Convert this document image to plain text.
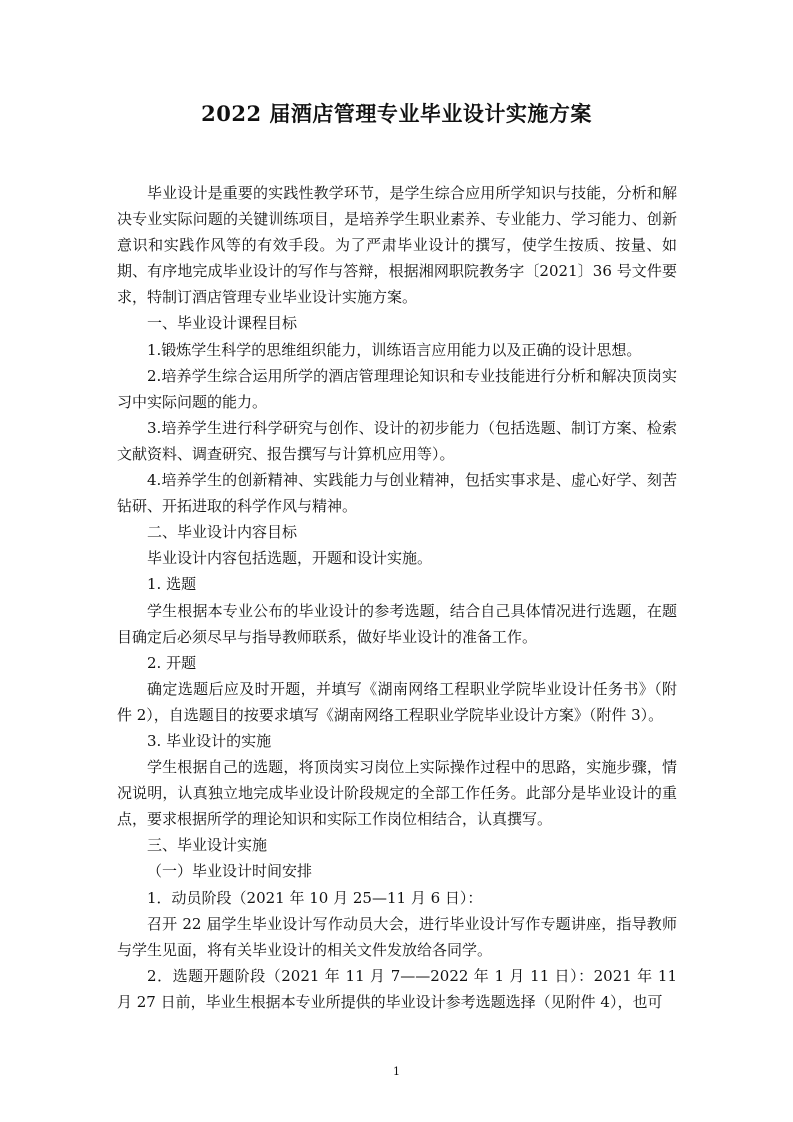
2022 届酒店管理专业毕业设计实施方案

毕业设计是重要的实践性教学环节，是学生综合应用所学知识与技能，分析和解决专业实际问题的关键训练项目，是培养学生职业素养、专业能力、学习能力、创新意识和实践作风等的有效手段。为了严肃毕业设计的撰写，使学生按质、按量、如期、有序地完成毕业设计的写作与答辩，根据湘网职院教务字〔2021〕36 号文件要求，特制订酒店管理专业毕业设计实施方案。

一、毕业设计课程目标

1.锻炼学生科学的思维组织能力，训练语言应用能力以及正确的设计思想。

2.培养学生综合运用所学的酒店管理理论知识和专业技能进行分析和解决顶岗实习中实际问题的能力。

3.培养学生进行科学研究与创作、设计的初步能力（包括选题、制订方案、检索文献资料、调查研究、报告撰写与计算机应用等）。

4.培养学生的创新精神、实践能力与创业精神，包括实事求是、虚心好学、刻苦钻研、开拓进取的科学作风与精神。

二、毕业设计内容目标

毕业设计内容包括选题，开题和设计实施。

1. 选题

学生根据本专业公布的毕业设计的参考选题，结合自己具体情况进行选题，在题目确定后必须尽早与指导教师联系，做好毕业设计的准备工作。

2. 开题

确定选题后应及时开题，并填写《湖南网络工程职业学院毕业设计任务书》（附件 2），自选题目的按要求填写《湖南网络工程职业学院毕业设计方案》（附件 3）。

3. 毕业设计的实施

学生根据自己的选题，将顶岗实习岗位上实际操作过程中的思路，实施步骤，情况说明，认真独立地完成毕业设计阶段规定的全部工作任务。此部分是毕业设计的重点，要求根据所学的理论知识和实际工作岗位相结合，认真撰写。

三、毕业设计实施

（一）毕业设计时间安排

1．动员阶段（2021 年 10 月 25—11 月 6 日）：

召开 22 届学生毕业设计写作动员大会，进行毕业设计写作专题讲座，指导教师与学生见面，将有关毕业设计的相关文件发放给各同学。

2．选题开题阶段（2021 年 11 月 7——2022 年 1 月 11 日）：2021 年 11 月 27 日前，毕业生根据本专业所提供的毕业设计参考选题选择（见附件 4），也可

1
